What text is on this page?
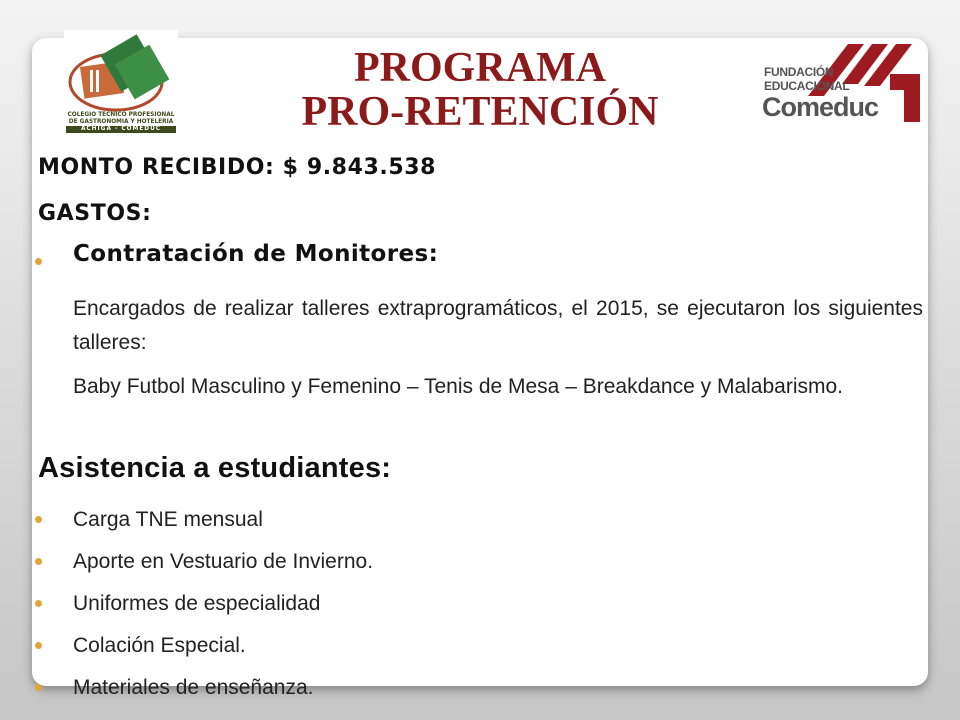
COLEGIO TECNICO PROFESIONAL
DE GASTRONOMIA Y HOTELERIA
ACHIGA - COMEDUC
FUNDACIÓN
EDUCACIONAL
Comeduc
PROGRAMA
PRO-RETENCIÓN
MONTO RECIBIDO: $ 9.843.538
GASTOS:
Contratación de Monitores:
Encargados de realizar talleres extraprogramáticos, el 2015, se ejecutaron los siguientes talleres:
Baby Futbol Masculino y Femenino – Tenis de Mesa – Breakdance y Malabarismo.
Asistencia a estudiantes:
Carga TNE mensual
Aporte en Vestuario de Invierno.
Uniformes de especialidad
Colación Especial.
Materiales de enseñanza.
